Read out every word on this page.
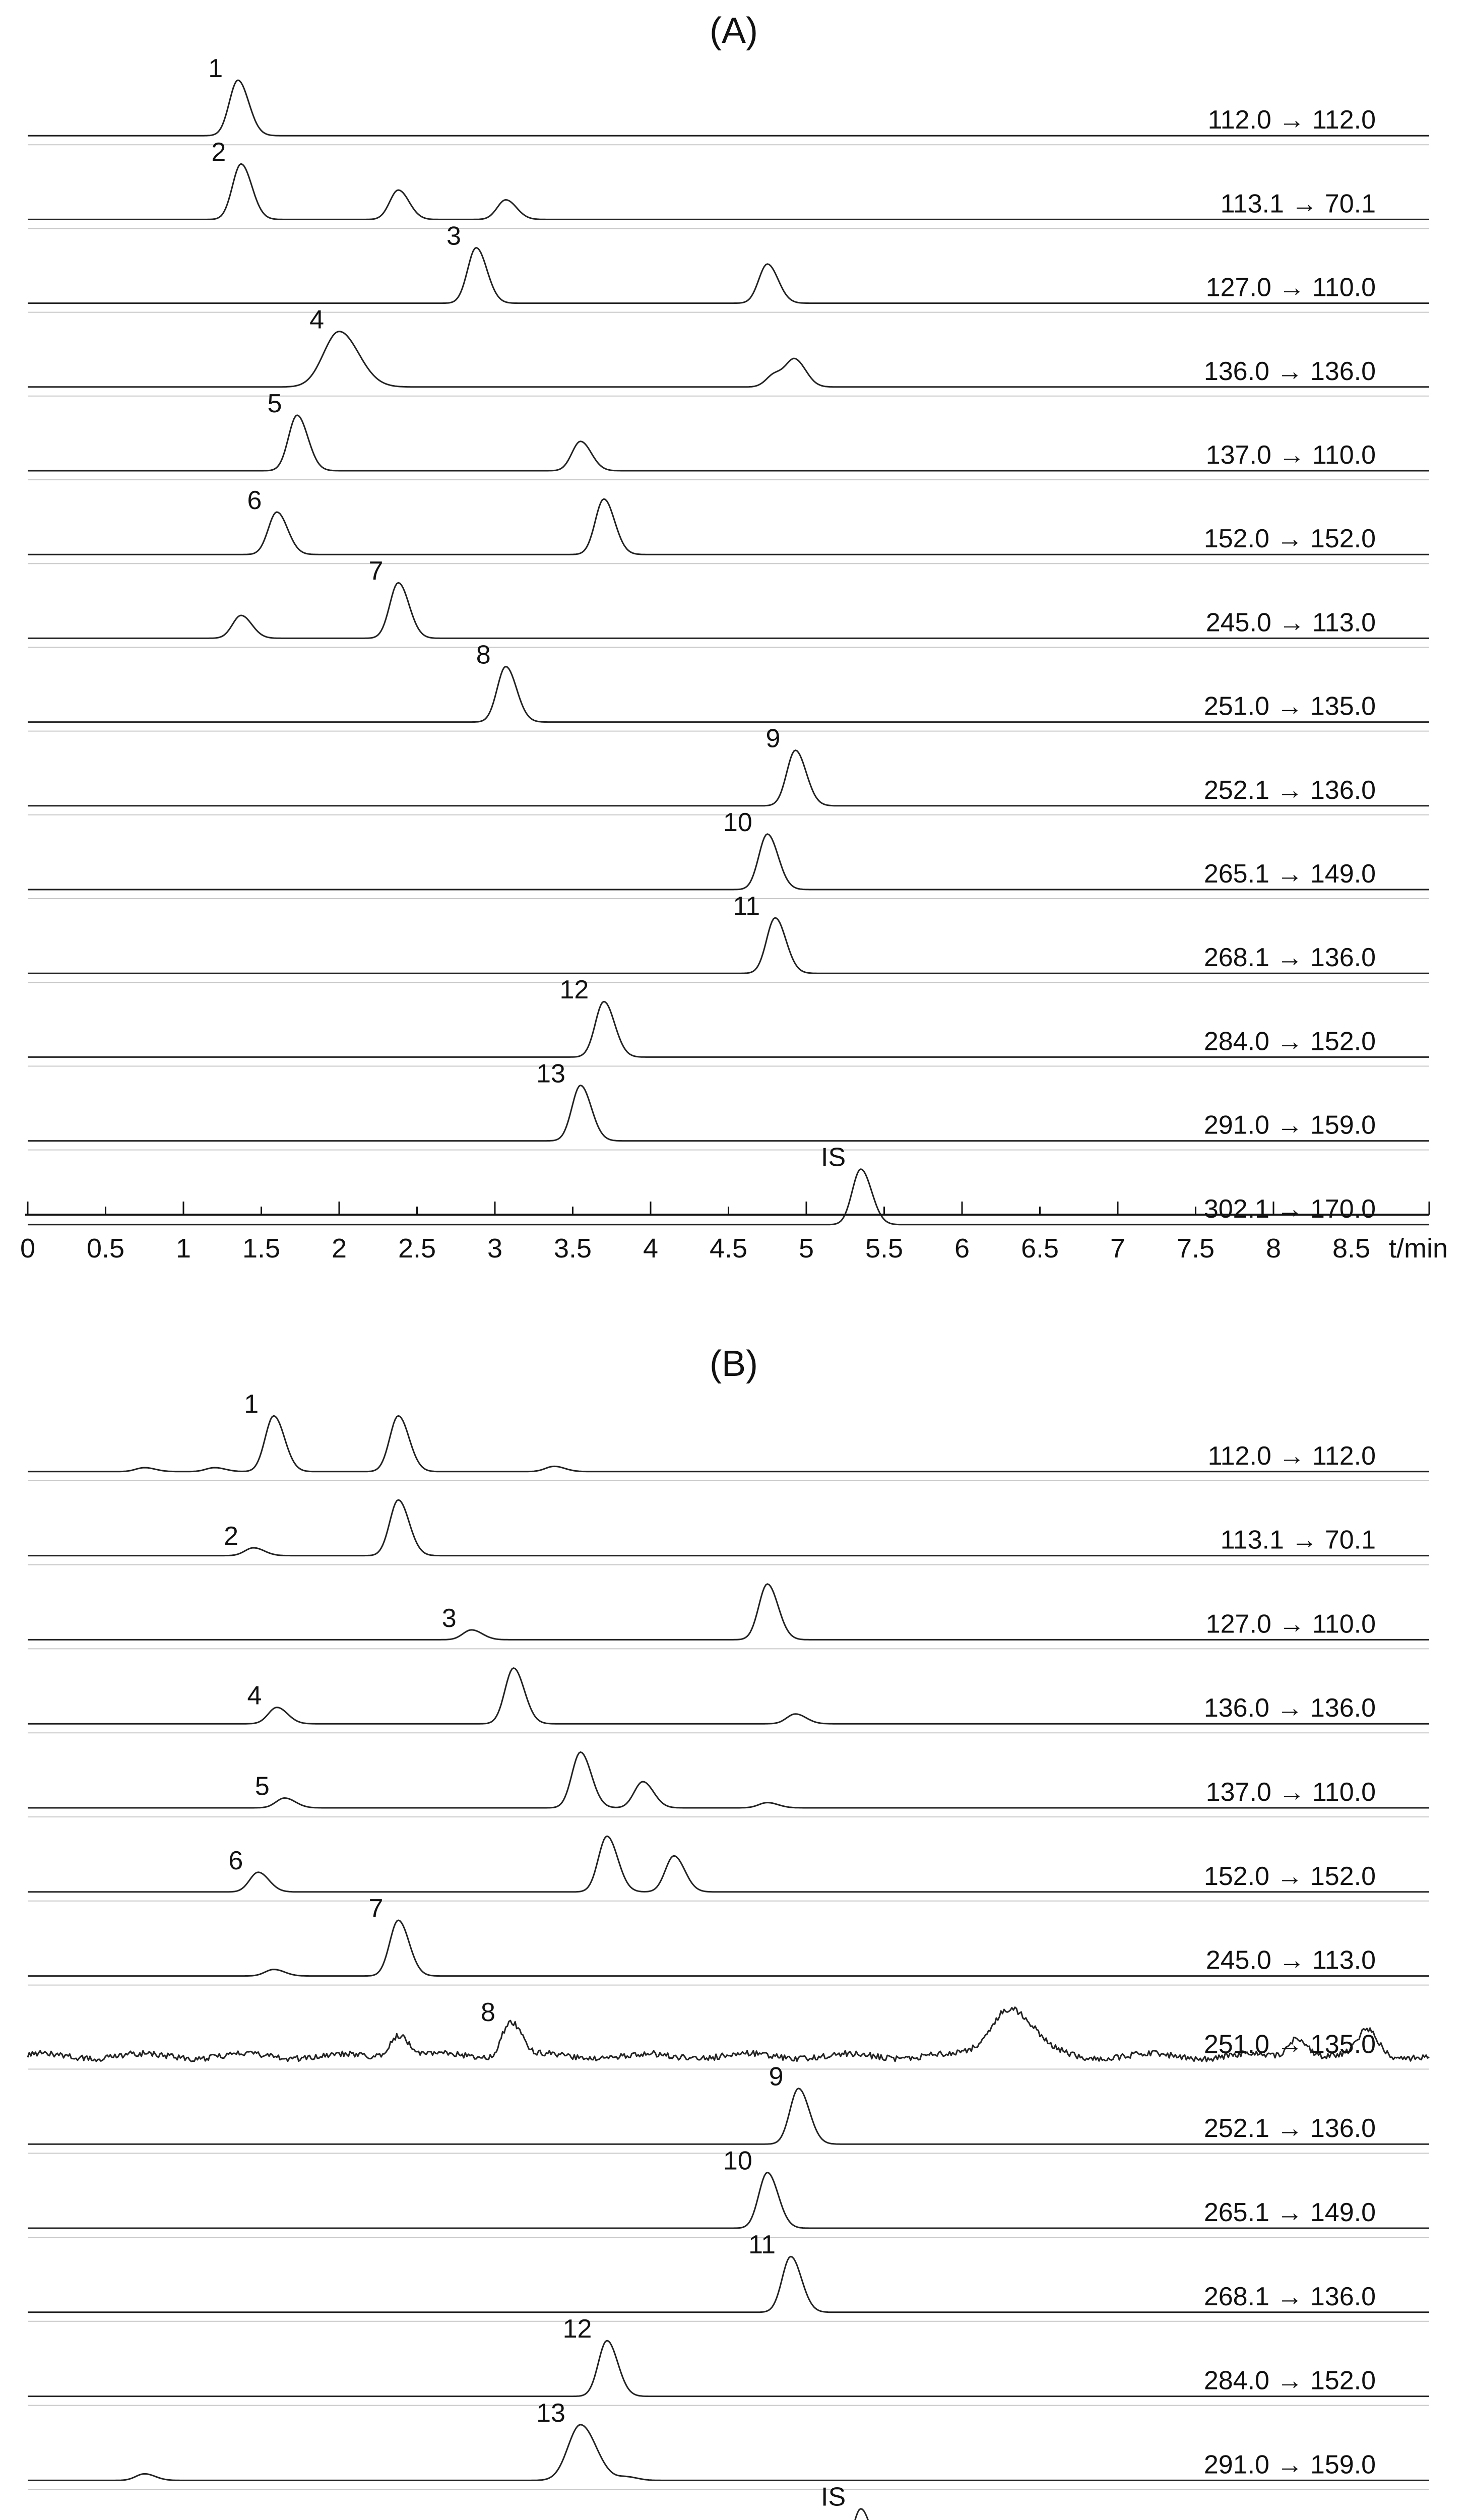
(A)
1
112.0 → 112.0
2
113.1 → 70.1
3
127.0 → 110.0
4
136.0 → 136.0
5
137.0 → 110.0
6
152.0 → 152.0
7
245.0 → 113.0
8
251.0 → 135.0
9
252.1 → 136.0
10
265.1 → 149.0
11
268.1 → 136.0
12
284.0 → 152.0
13
291.0 → 159.0
IS
302.1 → 170.0
0 0.5 1 1.5 2 2.5 3 3.5 4 4.5 5 5.5 6 6.5 7 7.5 8 8.5 t/min
(B)
1
112.0 → 112.0
2	113.1 → 70.1
3	127.0 → 110.0
4	136.0 → 136.0
5	137.0 → 110.0
6
152.0 → 152.0
7
245.0 → 113.0
8
251.0 → 135.0
9
252.1 → 136.0
10
265.1 → 149.0
11
268.1 → 136.0
12
284.0 → 152.0
13
291.0 → 159.0
IS
